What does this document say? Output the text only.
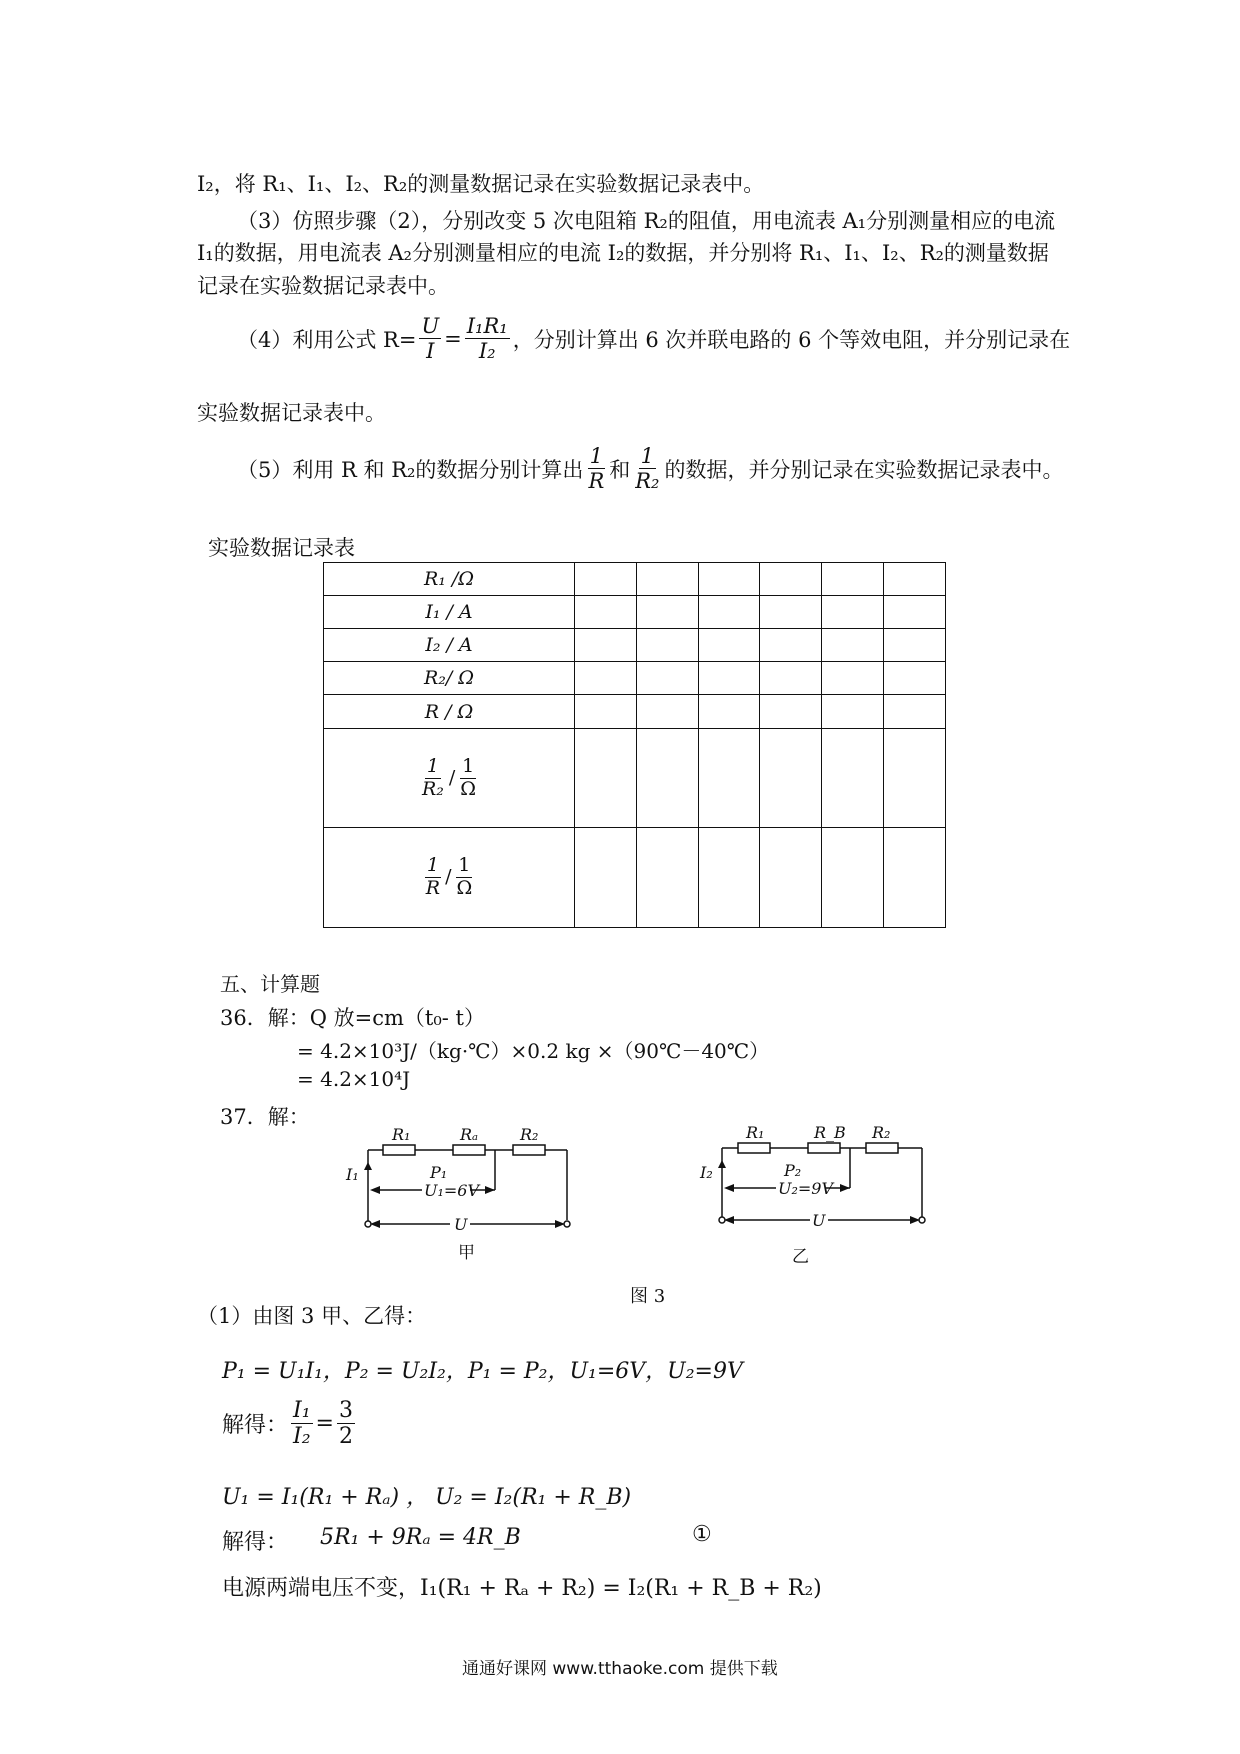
I₂，将 R₁、I₁、I₂、R₂的测量数据记录在实验数据记录表中。
（3）仿照步骤（2），分别改变 5 次电阻箱 R₂的阻值，用电流表 A₁分别测量相应的电流
I₁的数据，用电流表 A₂分别测量相应的电流 I₂的数据，并分别将 R₁、I₁、I₂、R₂的测量数据
记录在实验数据记录表中。
（4）利用公式 $R= \frac{U}{I} = \frac{\text{I₁R₁}}{\text{I₂}}$ ，分别计算出 6 次并联电路的 6 个等效电阻，并分别记录在
实验数据记录表中。
（5）利用 R 和 R₂的数据分别计算出 $\frac{1}{R}$ 和 $\frac{1}{\text{R₂}}$ 的数据，并分别记录在实验数据记录表中。
实验数据记录表
R₁ /Ω						
I₁ / A						
I₂ / A						
R₂/ Ω						
R / Ω						

$\frac{1}{\text{R₂}} / \frac{1}{\Omega}$

$\frac{1}{R} / \frac{1}{\Omega}$

五、计算题
36．解：Q 放=cm（t₀- t）
= 4.2×10³J/（kg·℃）×0.2 kg ×（90℃－40℃）
= 4.2×10⁴J
37．解：
R₁	Rₐ	R₂
I₁	P₁
U₁=6V
U
甲
R₁	R_B R₂
I₂	P₂
U₂=9V
U
乙
图 3
（1）由图 3 甲、乙得：
P₁ = U₁I₁，P₂ = U₂I₂，P₁ = P₂，U₁=6V，U₂=9V
解得： $\frac{\text{I₁}}{\text{I₂}} = \frac{3}{2}$
U₁ = I₁(R₁ + Rₐ) ， U₂ = I₂(R₁ + R_B)
解得： 5R₁ + 9Rₐ = 4R_B	①
电源两端电压不变，I₁(R₁ + Rₐ + R₂) = I₂(R₁ + R_B + R₂)
通通好课网 www.tthaoke.com 提供下载
